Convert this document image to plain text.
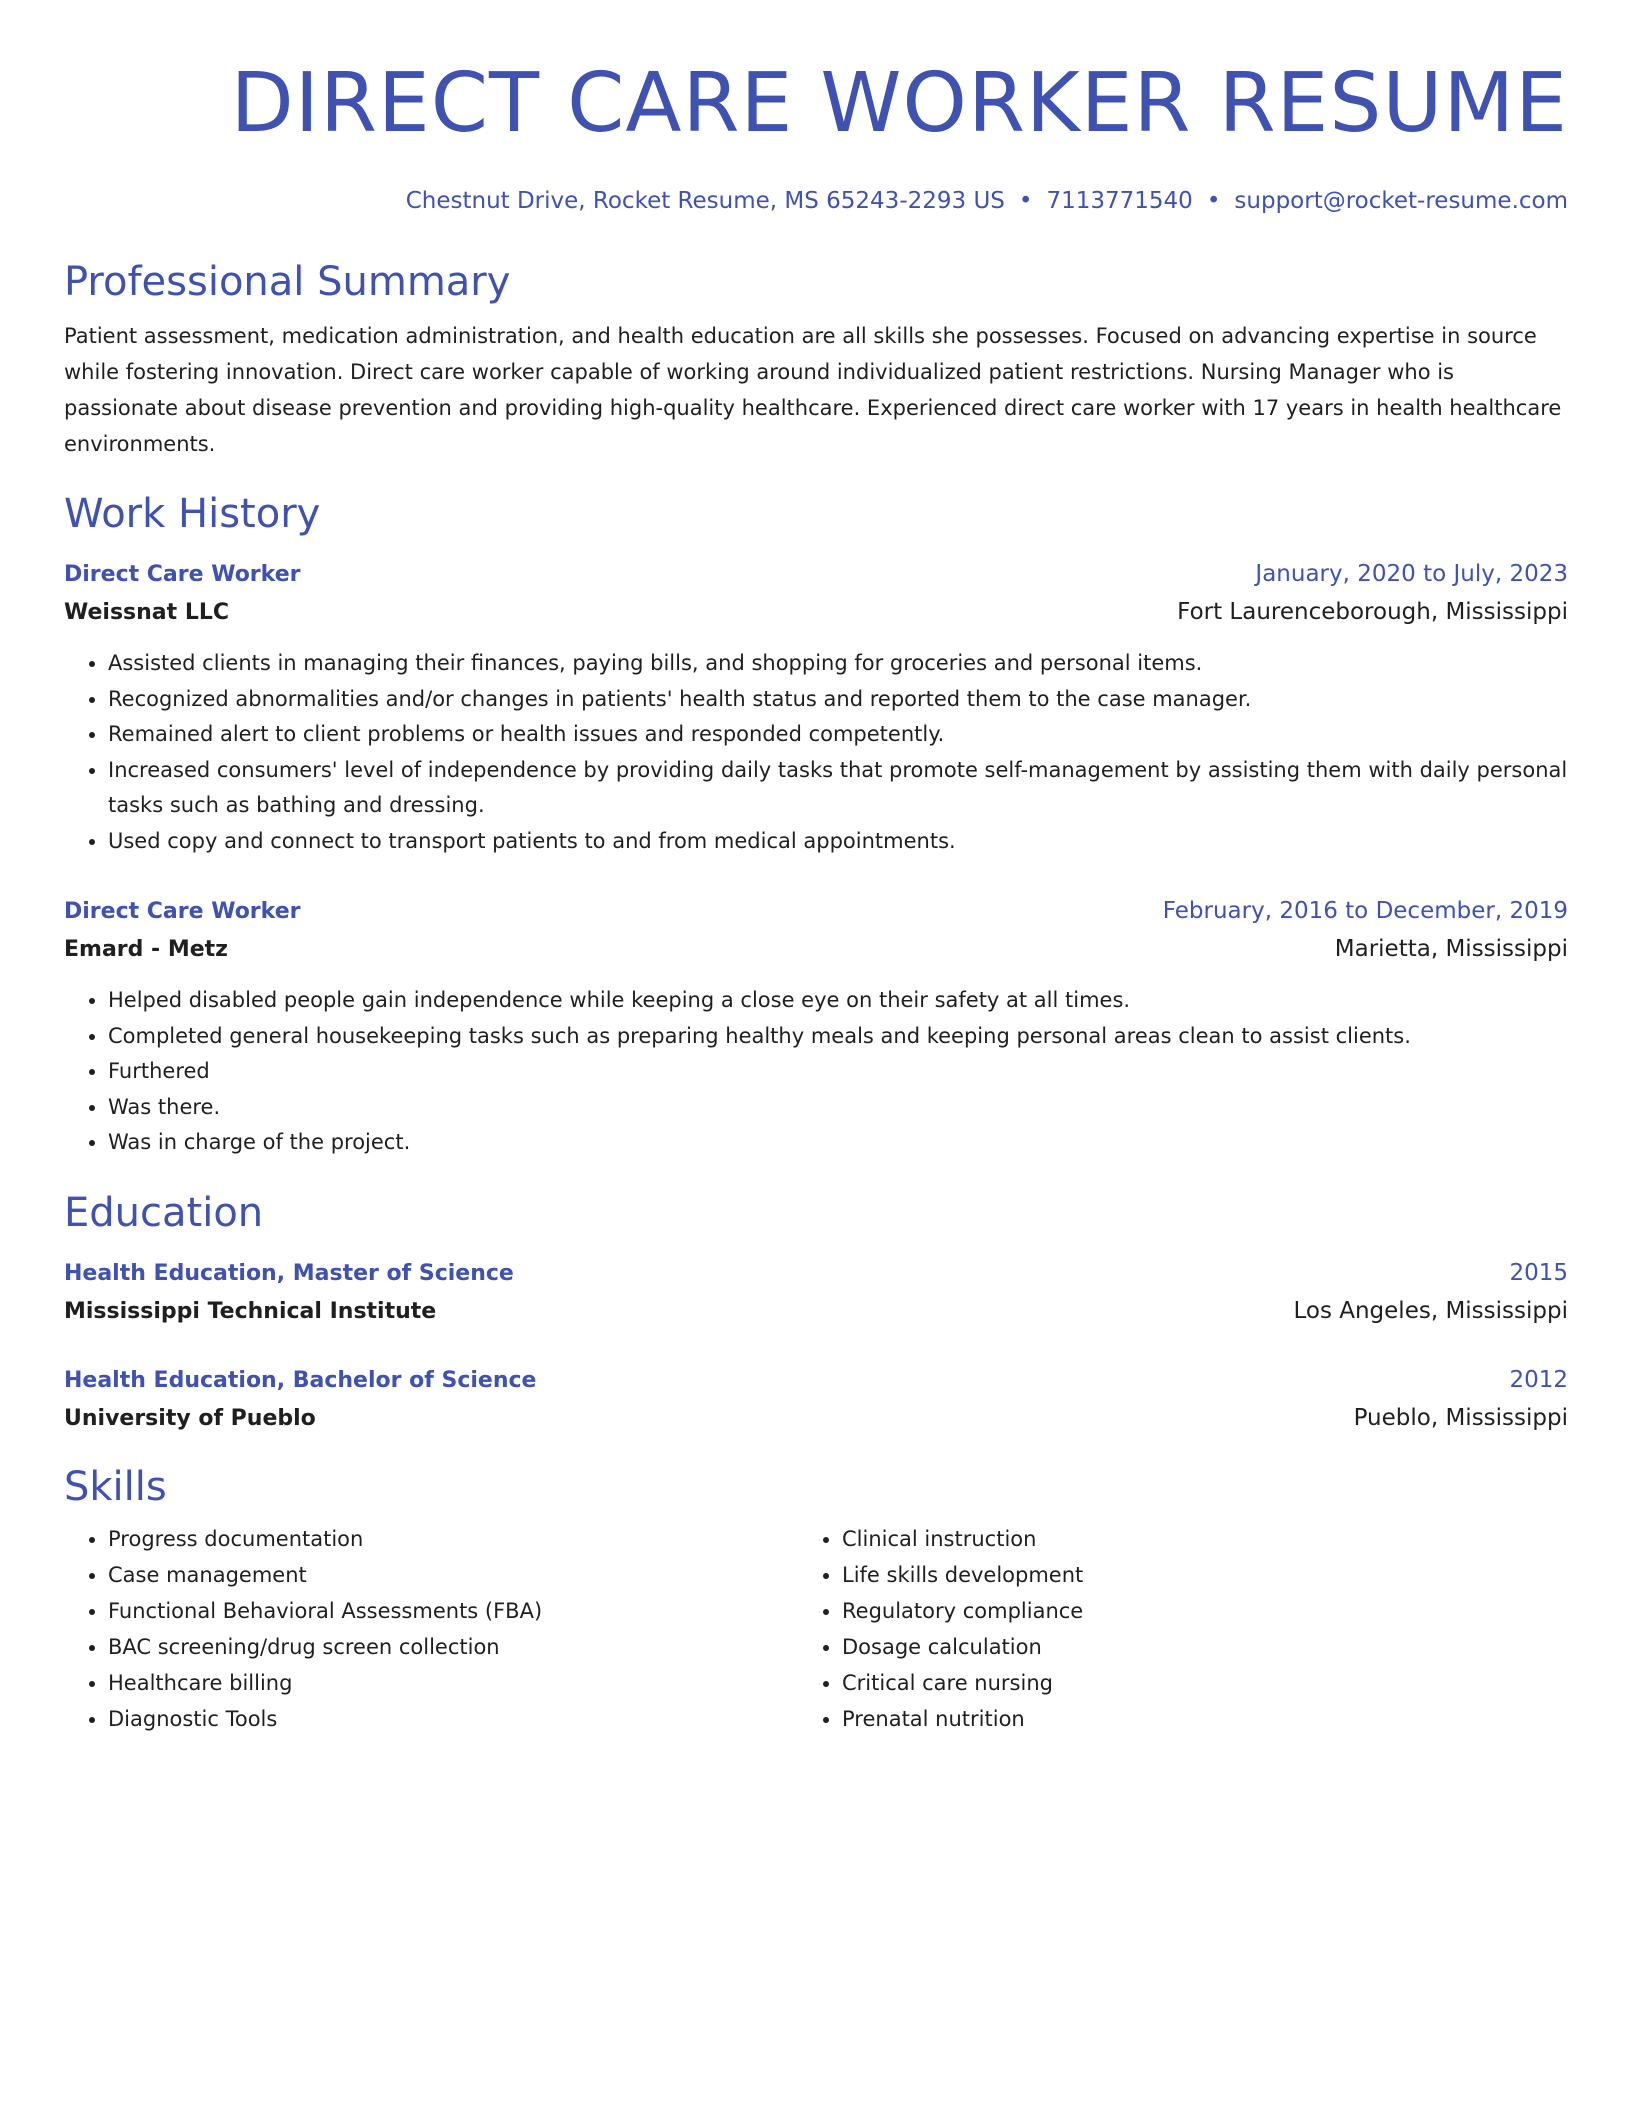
DIRECT CARE WORKER RESUME
Chestnut Drive, Rocket Resume, MS 65243-2293 US • 7113771540 • support@rocket-resume.com
Professional Summary
Patient assessment, medication administration, and health education are all skills she possesses. Focused on advancing expertise in source while fostering innovation. Direct care worker capable of working around individualized patient restrictions. Nursing Manager who is passionate about disease prevention and providing high-quality healthcare. Experienced direct care worker with 17 years in health healthcare environments.
Work History
Direct Care Worker	January, 2020 to July, 2023
Weissnat LLC	Fort Laurenceborough, Mississippi
• Assisted clients in managing their finances, paying bills, and shopping for groceries and personal items.
• Recognized abnormalities and/or changes in patients' health status and reported them to the case manager.
• Remained alert to client problems or health issues and responded competently.
• Increased consumers' level of independence by providing daily tasks that promote self-management by assisting them with daily personal tasks such as bathing and dressing.
• Used copy and connect to transport patients to and from medical appointments.
Direct Care Worker	February, 2016 to December, 2019
Emard - Metz	Marietta, Mississippi
• Helped disabled people gain independence while keeping a close eye on their safety at all times.
• Completed general housekeeping tasks such as preparing healthy meals and keeping personal areas clean to assist clients.
• Furthered
• Was there.
• Was in charge of the project.
Education
Health Education, Master of Science	2015
Mississippi Technical Institute	Los Angeles, Mississippi
Health Education, Bachelor of Science	2012
University of Pueblo	Pueblo, Mississippi
Skills
• Progress documentation
• Case management
• Functional Behavioral Assessments (FBA)
• BAC screening/drug screen collection
• Healthcare billing
• Diagnostic Tools
• Clinical instruction
• Life skills development
• Regulatory compliance
• Dosage calculation
• Critical care nursing
• Prenatal nutrition
